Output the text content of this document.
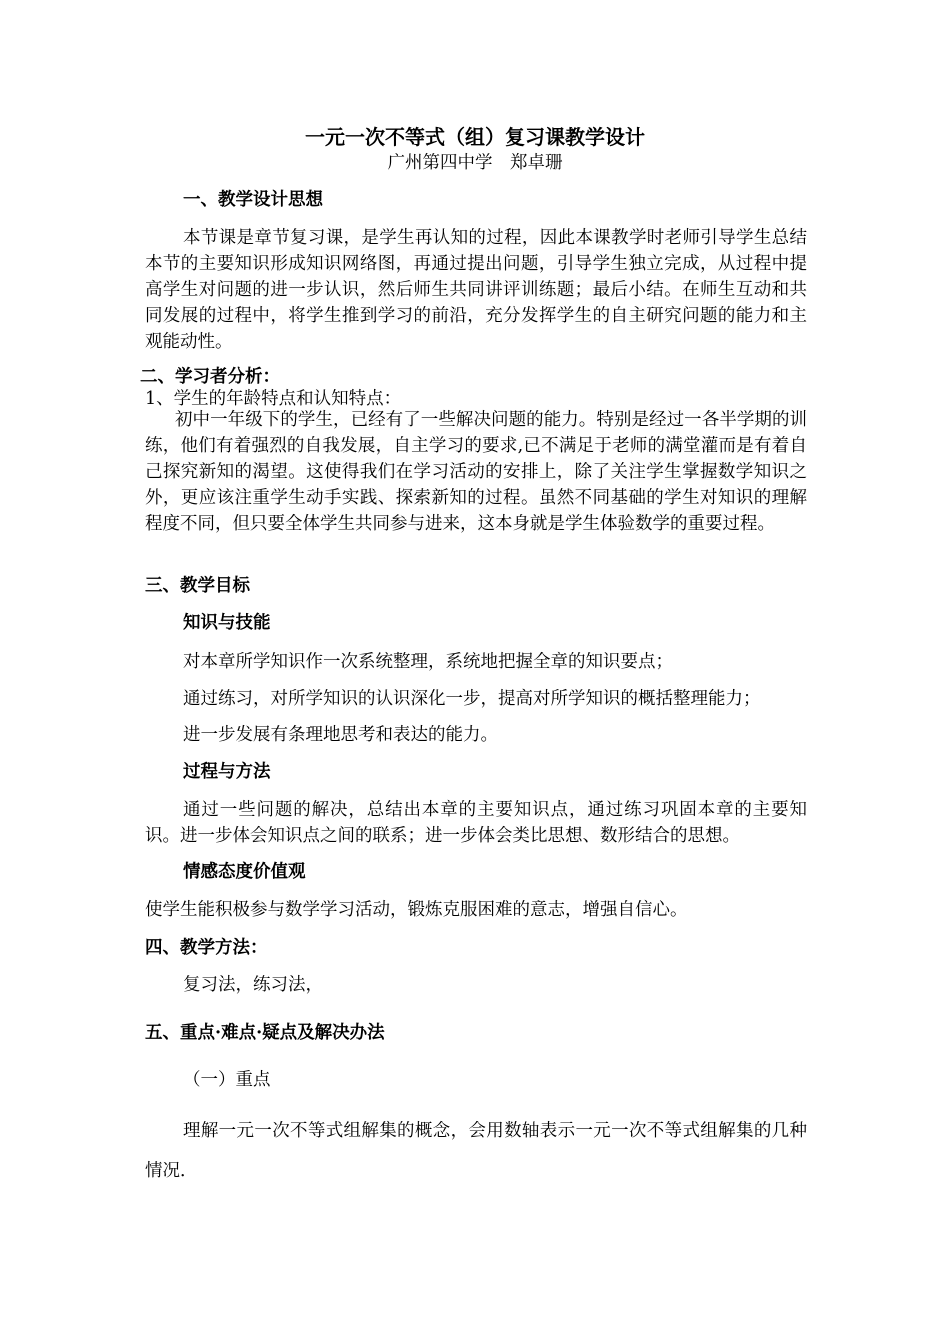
一元一次不等式（组）复习课教学设计

广州第四中学　郑卓珊

一、教学设计思想

本节课是章节复习课，是学生再认知的过程，因此本课教学时老师引导学生总结本节的主要知识形成知识网络图，再通过提出问题，引导学生独立完成，从过程中提高学生对问题的进一步认识，然后师生共同讲评训练题；最后小结。在师生互动和共同发展的过程中，将学生推到学习的前沿，充分发挥学生的自主研究问题的能力和主观能动性。

二、学习者分析：

1、学生的年龄特点和认知特点：

初中一年级下的学生，已经有了一些解决问题的能力。特别是经过一各半学期的训练，他们有着强烈的自我发展，自主学习的要求,已不满足于老师的满堂灌而是有着自己探究新知的渴望。这使得我们在学习活动的安排上，除了关注学生掌握数学知识之外，更应该注重学生动手实践、探索新知的过程。虽然不同基础的学生对知识的理解程度不同，但只要全体学生共同参与进来，这本身就是学生体验数学的重要过程。

三、教学目标

知识与技能

对本章所学知识作一次系统整理，系统地把握全章的知识要点；

通过练习，对所学知识的认识深化一步，提高对所学知识的概括整理能力；

进一步发展有条理地思考和表达的能力。

过程与方法

通过一些问题的解决，总结出本章的主要知识点，通过练习巩固本章的主要知识。进一步体会知识点之间的联系；进一步体会类比思想、数形结合的思想。

情感态度价值观

使学生能积极参与数学学习活动，锻炼克服困难的意志，增强自信心。

四、教学方法：

复习法，练习法，

五、重点·难点·疑点及解决办法

（一）重点

理解一元一次不等式组解集的概念，会用数轴表示一元一次不等式组解集的几种情况．
